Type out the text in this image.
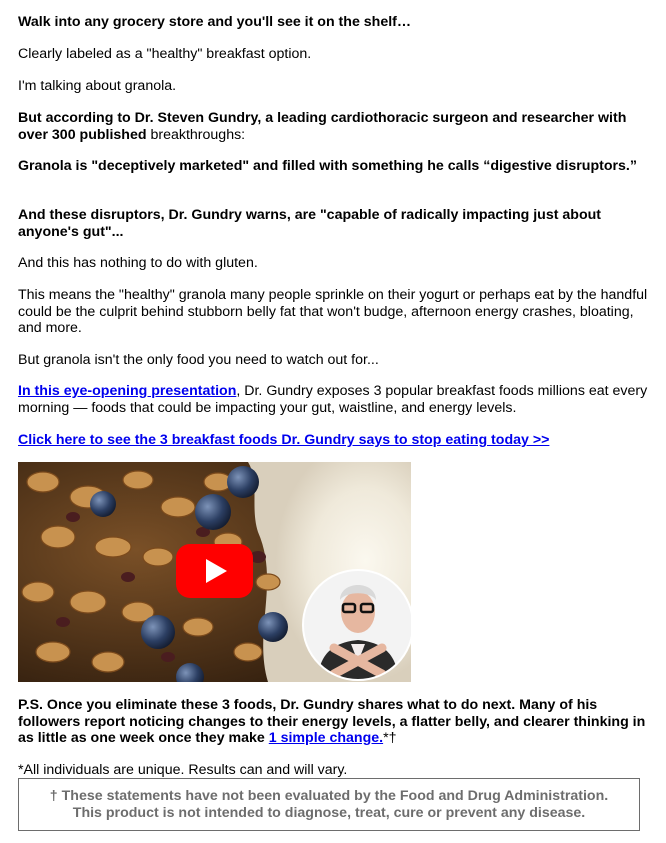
Walk into any grocery store and you'll see it on the shelf…

Clearly labeled as a "healthy" breakfast option.

I'm talking about granola.

But according to Dr. Steven Gundry, a leading cardiothoracic surgeon and researcher with over 300 published breakthroughs:

Granola is "deceptively marketed" and filled with something he calls “digestive disruptors.”

And these disruptors, Dr. Gundry warns, are "capable of radically impacting just about anyone's gut"...

And this has nothing to do with gluten.

This means the "healthy" granola many people sprinkle on their yogurt or perhaps eat by the handful could be the culprit behind stubborn belly fat that won't budge, afternoon energy crashes, bloating, and more.

But granola isn't the only food you need to watch out for...

In this eye-opening presentation, Dr. Gundry exposes 3 popular breakfast foods millions eat every morning — foods that could be impacting your gut, waistline, and energy levels.

Click here to see the 3 breakfast foods Dr. Gundry says to stop eating today >>

P.S. Once you eliminate these 3 foods, Dr. Gundry shares what to do next. Many of his followers report noticing changes to their energy levels, a flatter belly, and clearer thinking in as little as one week once they make 1 simple change.*†

*All individuals are unique. Results can and will vary.

† These statements have not been evaluated by the Food and Drug Administration.
This product is not intended to diagnose, treat, cure or prevent any disease.
